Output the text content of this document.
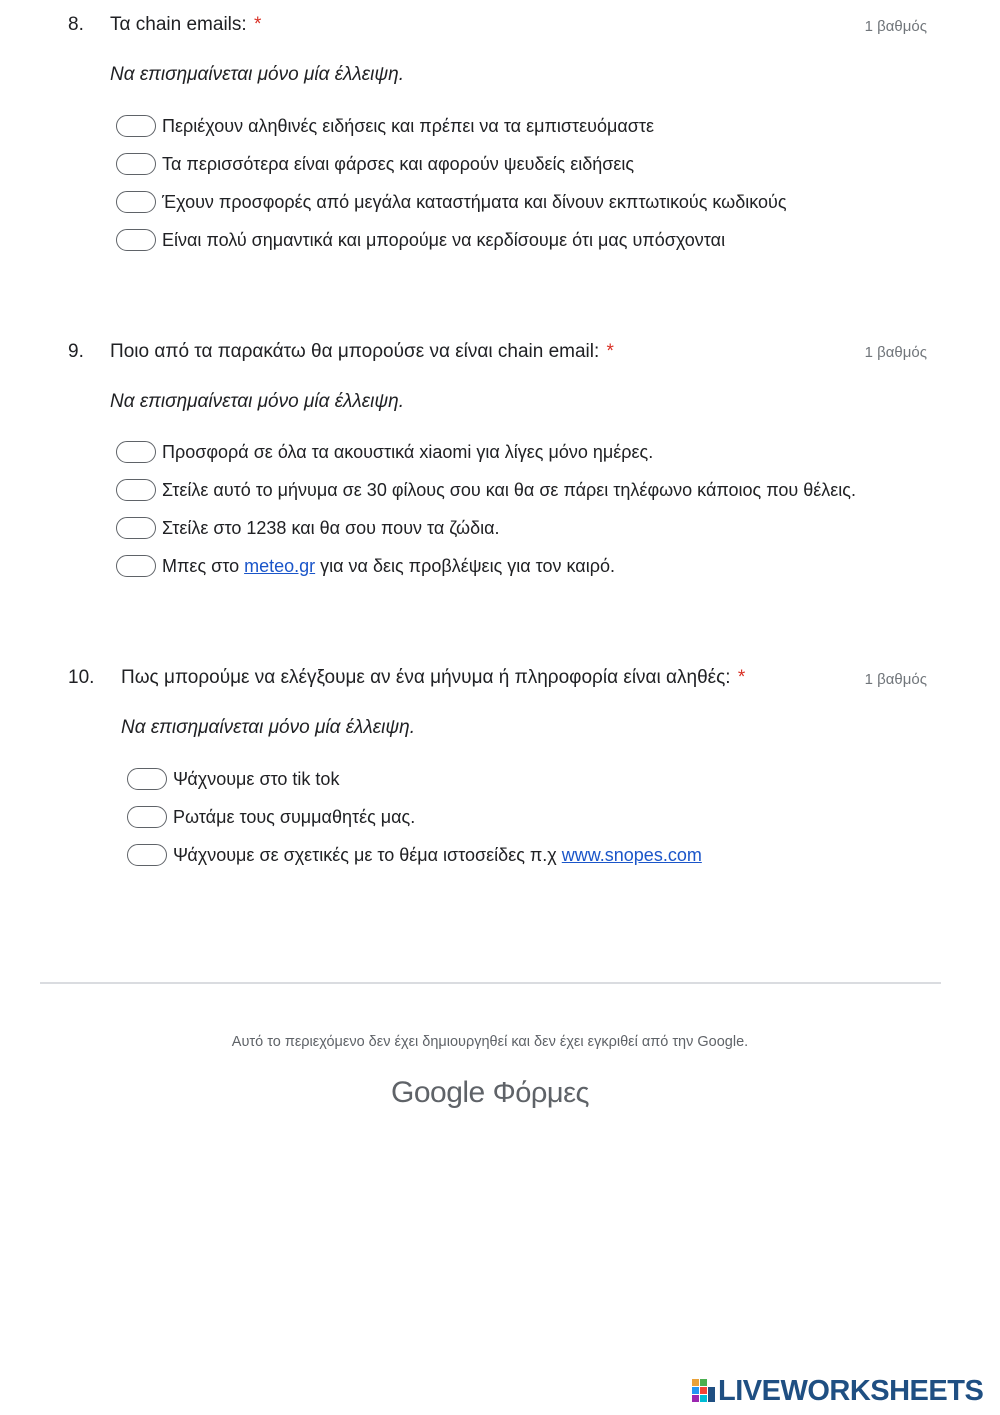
8. Τα chain emails: *	1 βαθμός
Να επισημαίνεται μόνο μία έλλειψη.
Περιέχουν αληθινές ειδήσεις και πρέπει να τα εμπιστευόμαστε
Τα περισσότερα είναι φάρσες και αφορούν ψευδείς ειδήσεις
Έχουν προσφορές από μεγάλα καταστήματα και δίνουν εκπτωτικούς κωδικούς
Είναι πολύ σημαντικά και μπορούμε να κερδίσουμε ότι μας υπόσχονται
9. Ποιο από τα παρακάτω θα μπορούσε να είναι chain email: *	1 βαθμός
Να επισημαίνεται μόνο μία έλλειψη.
Προσφορά σε όλα τα ακουστικά xiaomi για λίγες μόνο ημέρες.
Στείλε αυτό το μήνυμα σε 30 φίλους σου και θα σε πάρει τηλέφωνο κάποιος που θέλεις.
Στείλε στο 1238 και θα σου πουν τα ζώδια.
Μπες στο meteo.gr για να δεις προβλέψεις για τον καιρό.
10. Πως μπορούμε να ελέγξουμε αν ένα μήνυμα ή πληροφορία είναι αληθές: *	1 βαθμός
Να επισημαίνεται μόνο μία έλλειψη.
Ψάχνουμε στο tik tok
Ρωτάμε τους συμμαθητές μας.
Ψάχνουμε σε σχετικές με το θέμα ιστοσείδες π.χ www.snopes.com
Αυτό το περιεχόμενο δεν έχει δημιουργηθεί και δεν έχει εγκριθεί από την Google.
Google Φόρμες
LIVEWORKSHEETS
